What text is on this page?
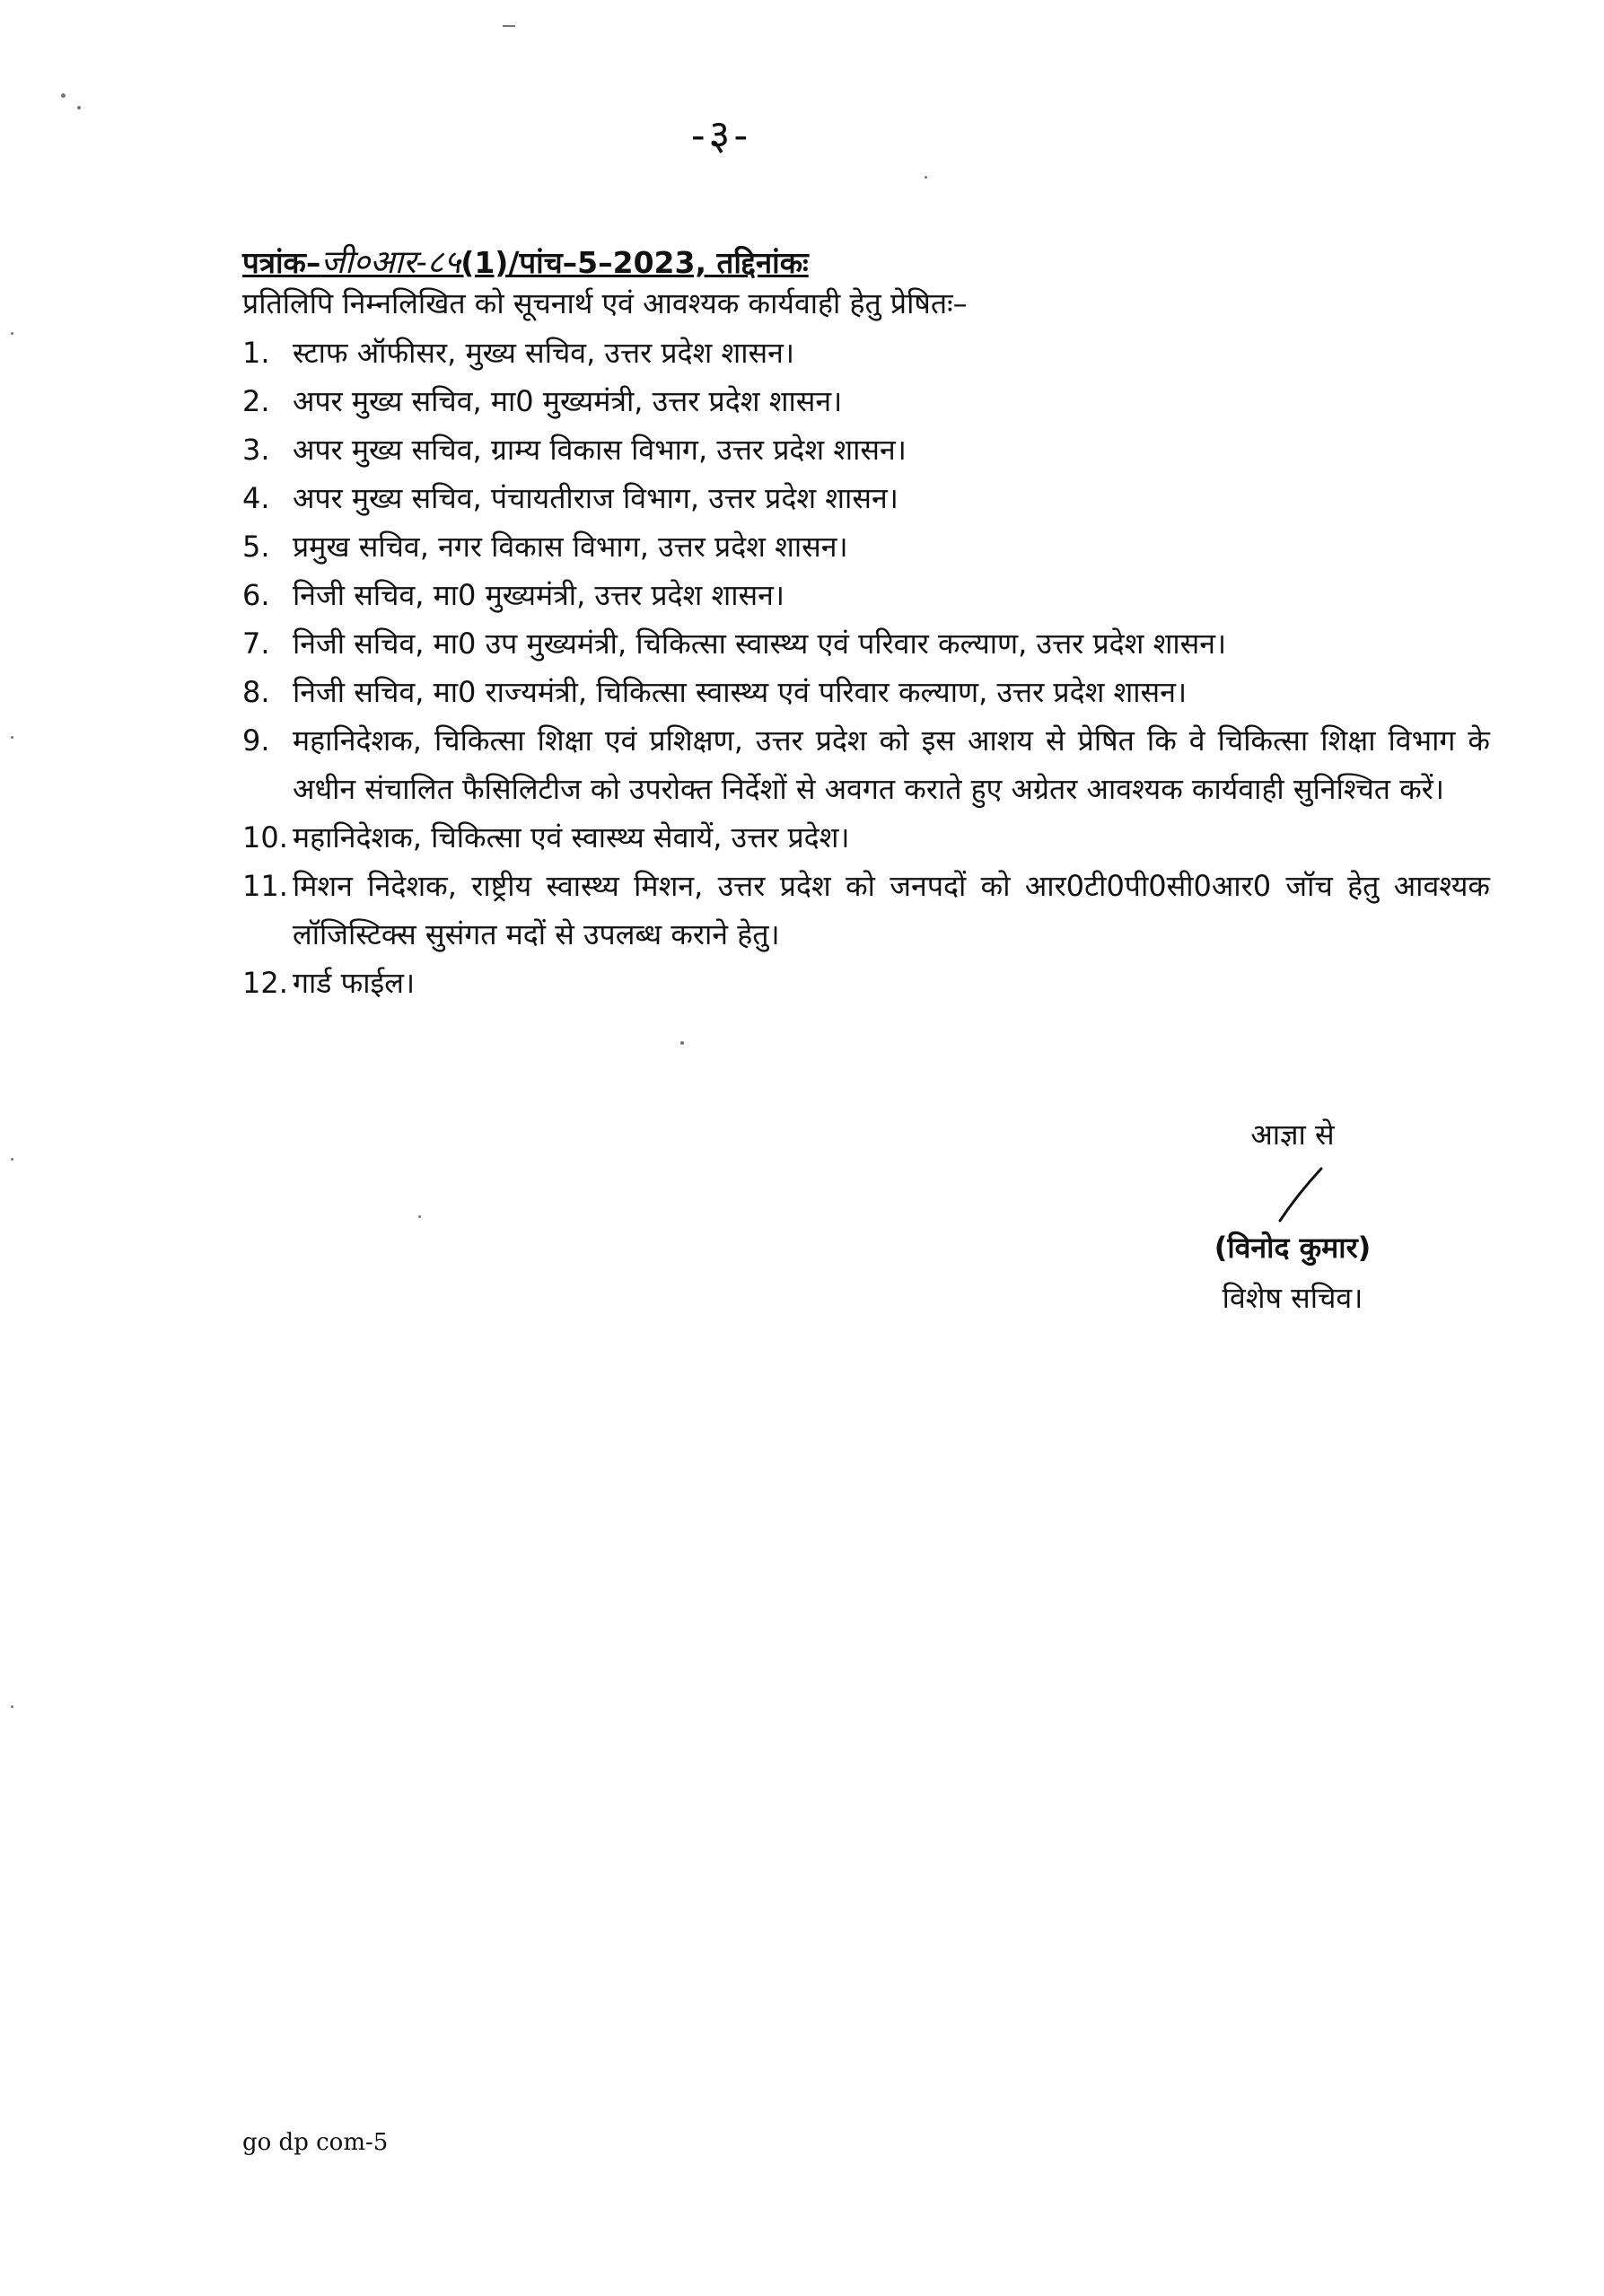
-३-
पत्रांक–जी०आर-८५(1)/पांच–5–2023, तद्दिनांकः
प्रतिलिपि निम्नलिखित को सूचनार्थ एवं आवश्यक कार्यवाही हेतु प्रेषितः–
1. स्टाफ ऑफीसर, मुख्य सचिव, उत्तर प्रदेश शासन।
2. अपर मुख्य सचिव, मा0 मुख्यमंत्री, उत्तर प्रदेश शासन।
3. अपर मुख्य सचिव, ग्राम्य विकास विभाग, उत्तर प्रदेश शासन।
4. अपर मुख्य सचिव, पंचायतीराज विभाग, उत्तर प्रदेश शासन।
5. प्रमुख सचिव, नगर विकास विभाग, उत्तर प्रदेश शासन।
6. निजी सचिव, मा0 मुख्यमंत्री, उत्तर प्रदेश शासन।
7. निजी सचिव, मा0 उप मुख्यमंत्री, चिकित्सा स्वास्थ्य एवं परिवार कल्याण, उत्तर प्रदेश शासन।
8. निजी सचिव, मा0 राज्यमंत्री, चिकित्सा स्वास्थ्य एवं परिवार कल्याण, उत्तर प्रदेश शासन।
9. महानिदेशक, चिकित्सा शिक्षा एवं प्रशिक्षण, उत्तर प्रदेश को इस आशय से प्रेषित कि वे चिकित्सा शिक्षा विभाग के अधीन संचालित फैसिलिटीज को उपरोक्त निर्देशों से अवगत कराते हुए अग्रेतर आवश्यक कार्यवाही सुनिश्चित करें।
10. महानिदेशक, चिकित्सा एवं स्वास्थ्य सेवायें, उत्तर प्रदेश।
11. मिशन निदेशक, राष्ट्रीय स्वास्थ्य मिशन, उत्तर प्रदेश को जनपदों को आर0टी0पी0सी0आर0 जॉच हेतु आवश्यक लॉजिस्टिक्स सुसंगत मदों से उपलब्ध कराने हेतु।
12. गार्ड फाईल।
आज्ञा से
(विनोद कुमार)
विशेष सचिव।
go dp com-5
